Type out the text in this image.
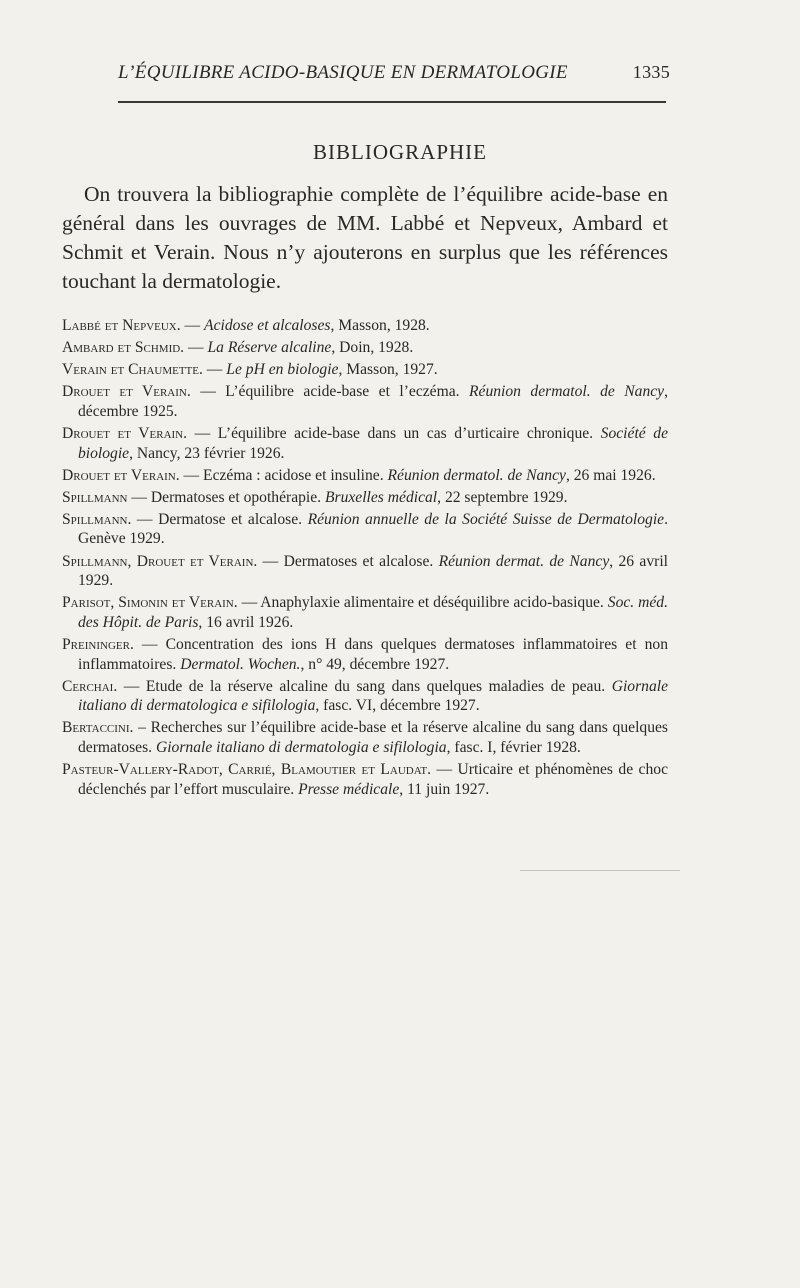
L’ÉQUILIBRE ACIDO-BASIQUE EN DERMATOLOGIE	1335
BIBLIOGRAPHIE

On trouvera la bibliographie complète de l’équilibre acide-base en général dans les ouvrages de MM. Labbé et Nepveux, Ambard et Schmit et Verain. Nous n’y ajouterons en surplus que les références touchant la dermatologie.

Labbé et Nepveux. — Acidose et alcaloses, Masson, 1928.
Ambard et Schmid. — La Réserve alcaline, Doin, 1928.
Verain et Chaumette. — Le pH en biologie, Masson, 1927.
Drouet et Verain. — L’équilibre acide-base et l’eczéma. Réunion dermatol. de Nancy, décembre 1925.
Drouet et Verain. — L’équilibre acide-base dans un cas d’urticaire chronique. Société de biologie, Nancy, 23 février 1926.
Drouet et Verain. — Eczéma : acidose et insuline. Réunion dermatol. de Nancy, 26 mai 1926.
Spillmann — Dermatoses et opothérapie. Bruxelles médical, 22 septembre 1929.
Spillmann. — Dermatose et alcalose. Réunion annuelle de la Société Suisse de Dermatologie. Genève 1929.
Spillmann, Drouet et Verain. — Dermatoses et alcalose. Réunion dermat. de Nancy, 26 avril 1929.
Parisot, Simonin et Verain. — Anaphylaxie alimentaire et déséquilibre acido-basique. Soc. méd. des Hôpit. de Paris, 16 avril 1926.
Preininger. — Concentration des ions H dans quelques dermatoses inflammatoires et non inflammatoires. Dermatol. Wochen., n° 49, décembre 1927.
Cerchai. — Etude de la réserve alcaline du sang dans quelques maladies de peau. Giornale italiano di dermatologica e sifilologia, fasc. VI, décembre 1927.
Bertaccini. – Recherches sur l’équilibre acide-base et la réserve alcaline du sang dans quelques dermatoses. Giornale italiano di dermatologia e sifilologia, fasc. I, février 1928.
Pasteur-Vallery-Radot, Carrié, Blamoutier et Laudat. — Urticaire et phénomènes de choc déclenchés par l’effort musculaire. Presse médicale, 11 juin 1927.
